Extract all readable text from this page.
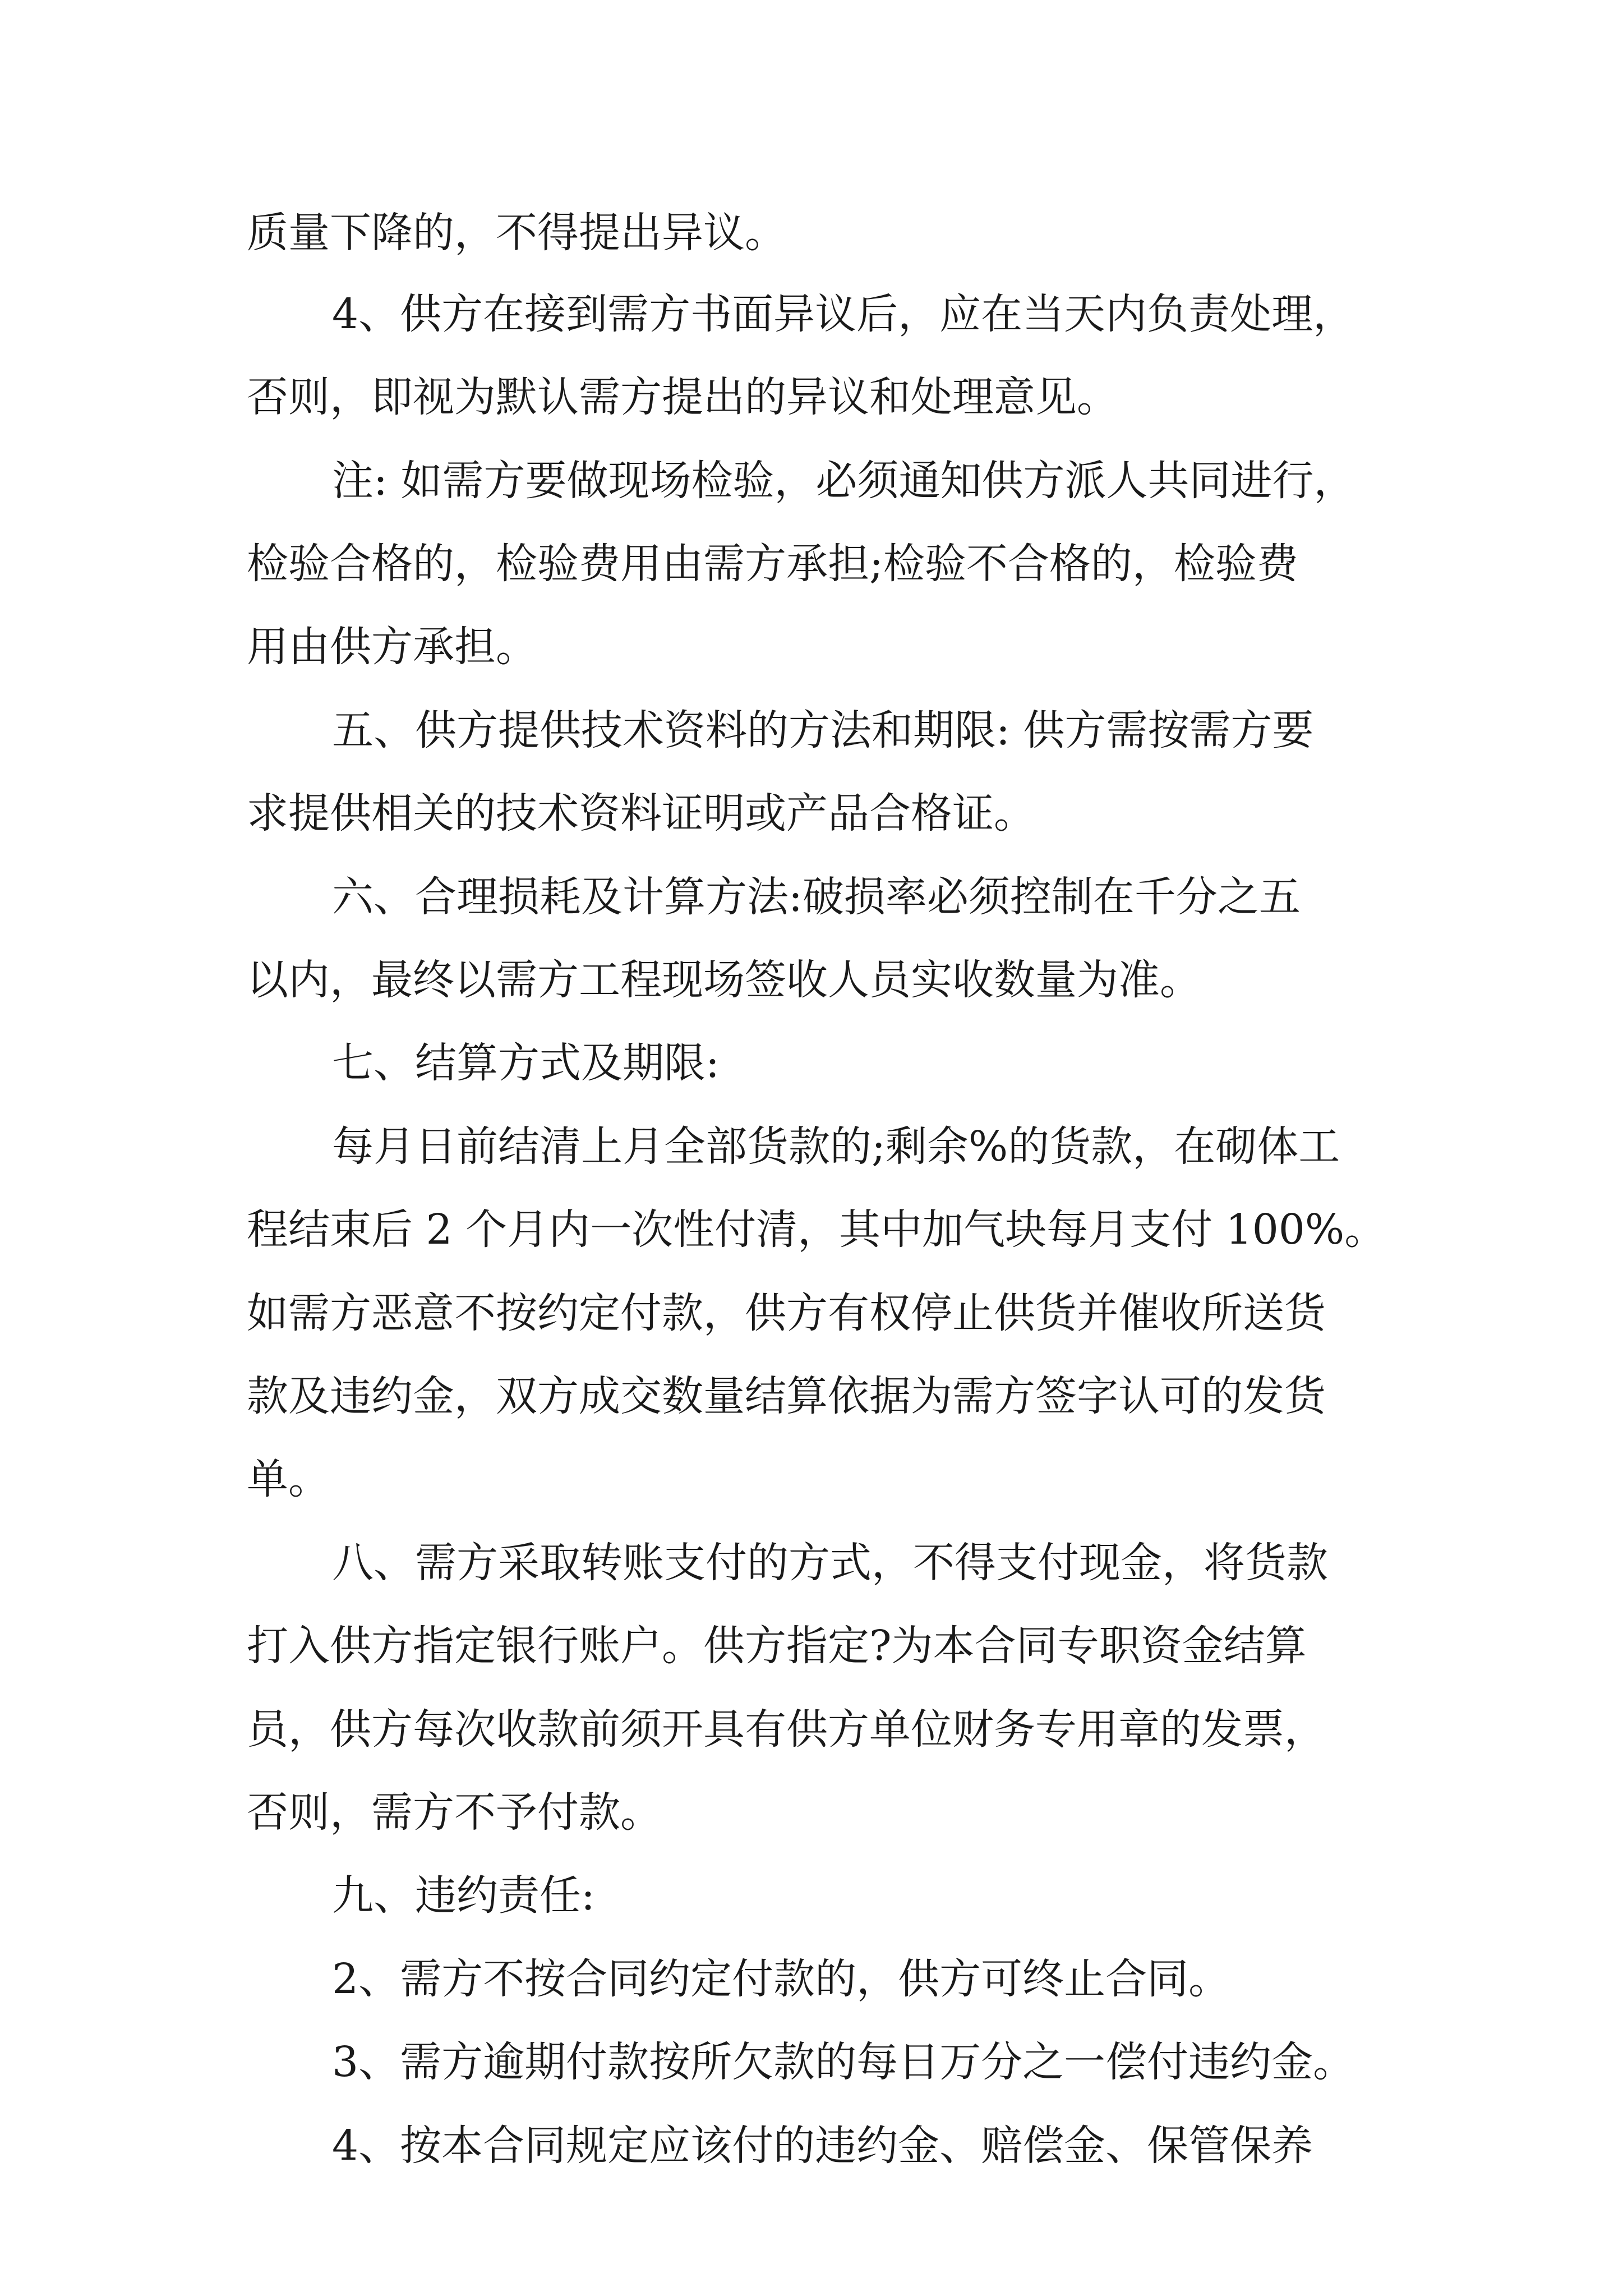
质量下降的，不得提出异议。

4、供方在接到需方书面异议后，应在当天内负责处理，

否则，即视为默认需方提出的异议和处理意见。

注: 如需方要做现场检验，必须通知供方派人共同进行，

检验合格的，检验费用由需方承担;检验不合格的，检验费

用由供方承担。

五、供方提供技术资料的方法和期限: 供方需按需方要

求提供相关的技术资料证明或产品合格证。

六、合理损耗及计算方法:破损率必须控制在千分之五

以内，最终以需方工程现场签收人员实收数量为准。

七、结算方式及期限:

每月日前结清上月全部货款的;剩余%的货款，在砌体工

程结束后 2 个月内一次性付清，其中加气块每月支付 100%。

如需方恶意不按约定付款，供方有权停止供货并催收所送货

款及违约金，双方成交数量结算依据为需方签字认可的发货

单。

八、需方采取转账支付的方式，不得支付现金，将货款

打入供方指定银行账户。供方指定?为本合同专职资金结算

员，供方每次收款前须开具有供方单位财务专用章的发票，

否则，需方不予付款。

九、违约责任:

2、需方不按合同约定付款的，供方可终止合同。

3、需方逾期付款按所欠款的每日万分之一偿付违约金。

4、按本合同规定应该付的违约金、赔偿金、保管保养
